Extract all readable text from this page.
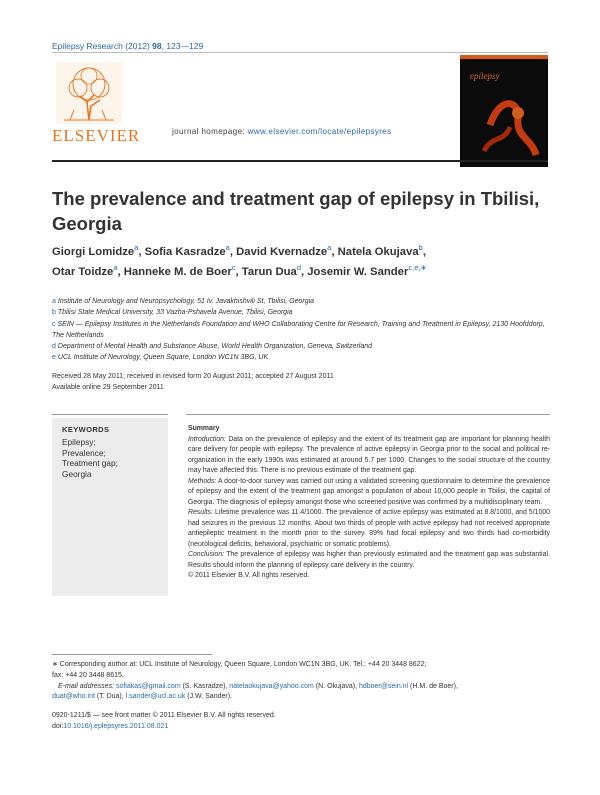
Epilepsy Research (2012) 98, 123—129
ELSEVIER	journal homepage: www.elsevier.com/locate/epilepsyres
epilepsy
The prevalence and treatment gap of epilepsy in Tbilisi, Georgia
Giorgi Lomidze$^a$, Sofia Kasradze$^a$, David Kvernadze$^a$, Natela Okujava$^b$,
Otar Toidze$^a$, Hanneke M. de Boer$^c$, Tarun Dua$^d$, Josemir W. Sander$^{c,e,∗}$
a Institute of Neurology and Neuropsychology, 51 Iv. Javakhishvili St, Tbilisi, Georgia
b Tbilisi State Medical University, 33 Vazha-Pshavela Avenue, Tbilisi, Georgia
c SEIN — Epilepsy Institutes in the Netherlands Foundation and WHO Collaborating Centre for Research, Training and Treatment in Epilepsy, 2130 Hoofddorp, The Netherlands
d Department of Mental Health and Substance Abuse, World Health Organization, Geneva, Switzerland
e UCL Institute of Neurology, Queen Square, London WC1N 3BG, UK
Received 28 May 2011; received in revised form 20 August 2011; accepted 27 August 2011
Available online 29 September 2011
KEYWORDS
Epilepsy;
Prevalence;
Treatment gap;
Georgia
Summary
Introduction: Data on the prevalence of epilepsy and the extent of its treatment gap are important for planning health care delivery for people with epilepsy. The prevalence of active epilepsy in Georgia prior to the social and political re-organization in the early 1990s was estimated at around 5.7 per 1000. Changes to the social structure of the country may have affected this. There is no previous estimate of the treatment gap.
Methods: A door-to-door survey was carried out using a validated screening questionnaire to determine the prevalence of epilepsy and the extent of the treatment gap amongst a population of about 10,000 people in Tbilisi, the capital of Georgia. The diagnosis of epilepsy amongst those who screened positive was confirmed by a multidisciplinary team.
Results: Lifetime prevalence was 11.4/1000. The prevalence of active epilepsy was estimated at 8.8/1000, and 5/1000 had seizures in the previous 12 months. About two thirds of people with active epilepsy had not received appropriate antiepileptic treatment in the month prior to the survey. 89% had focal epilepsy and two thirds had co-morbidity (neurological deficits, behavioral, psychiatric or somatic problems).
Conclusion: The prevalence of epilepsy was higher than previously estimated and the treatment gap was substantial. Results should inform the planning of epilepsy care delivery in the country.
© 2011 Elsevier B.V. All rights reserved.
∗ Corresponding author at: UCL Institute of Neurology, Queen Square, London WC1N 3BG, UK. Tel.: +44 20 3448 8622;
fax: +44 20 3448 8615.
E-mail addresses: sofiakas@gmail.com (S. Kasradze), natelaokujava@yahoo.com (N. Okujava), hdboer@sein.nl (H.M. de Boer),
duat@who.int (T. Dua), l.sander@ucl.ac.uk (J.W. Sander).
0920-1211/$ — see front matter © 2011 Elsevier B.V. All rights reserved.
doi:10.1016/j.eplepsyres.2011.08.021
